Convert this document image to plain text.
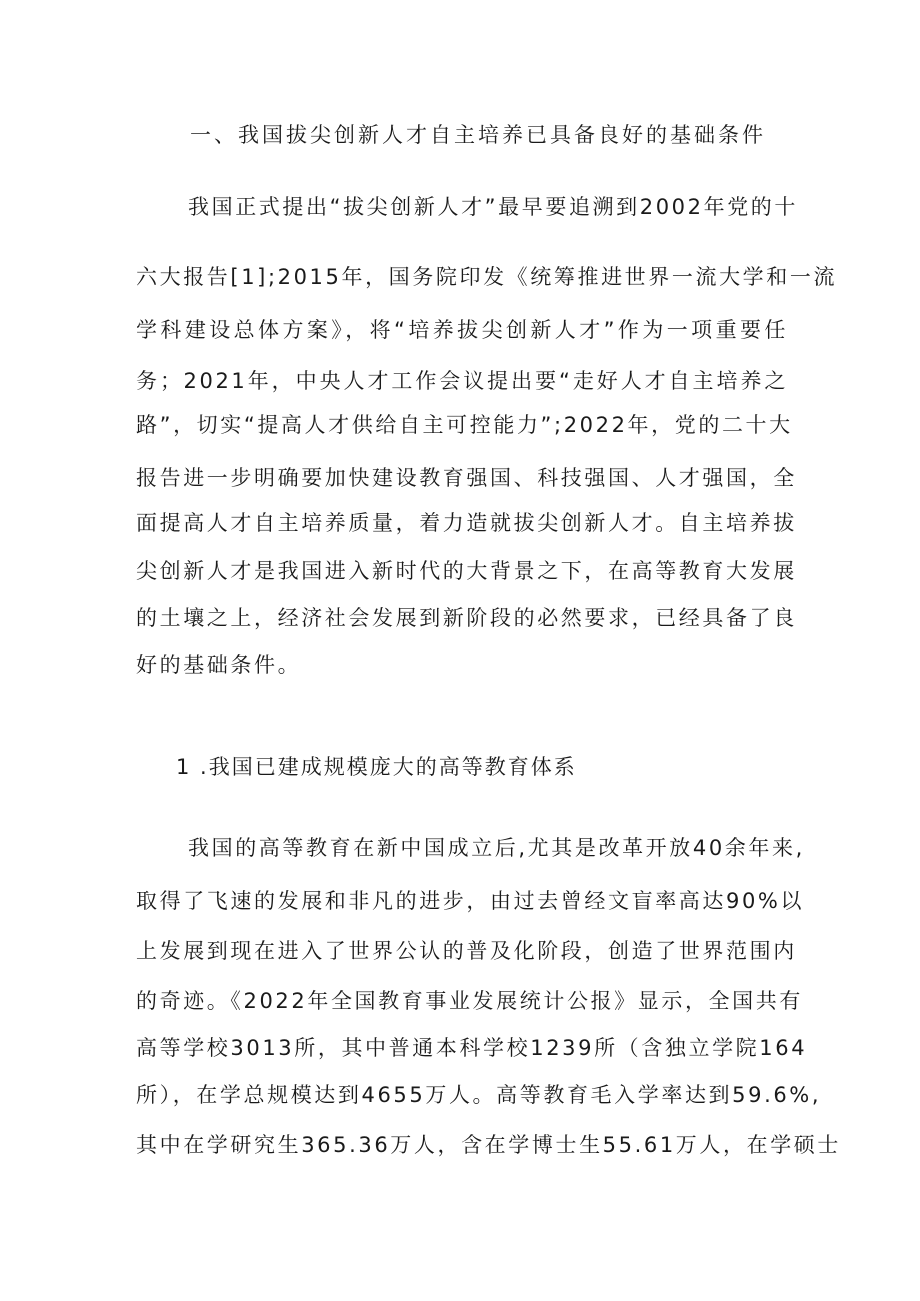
一、我国拔尖创新人才自主培养已具备良好的基础条件
我国正式提出“拔尖创新人才”最早要追溯到2002年党的十
六大报告[1];2015年，国务院印发《统筹推进世界一流大学和一流
学科建设总体方案》，将“培养拔尖创新人才”作为一项重要任
务；2021年，中央人才工作会议提出要“走好人才自主培养之
路”，切实“提高人才供给自主可控能力”;2022年，党的二十大
报告进一步明确要加快建设教育强国、科技强国、人才强国，全
面提高人才自主培养质量，着力造就拔尖创新人才。自主培养拔
尖创新人才是我国进入新时代的大背景之下，在高等教育大发展
的土壤之上，经济社会发展到新阶段的必然要求，已经具备了良
好的基础条件。
1 .我国已建成规模庞大的高等教育体系
我国的高等教育在新中国成立后,尤其是改革开放40余年来,
取得了飞速的发展和非凡的进步，由过去曾经文盲率高达90%以
上发展到现在进入了世界公认的普及化阶段，创造了世界范围内
的奇迹。《2022年全国教育事业发展统计公报》显示，全国共有
高等学校3013所，其中普通本科学校1239所（含独立学院164
所），在学总规模达到4655万人。高等教育毛入学率达到59.6%,
其中在学研究生365.36万人，含在学博士生55.61万人，在学硕士
